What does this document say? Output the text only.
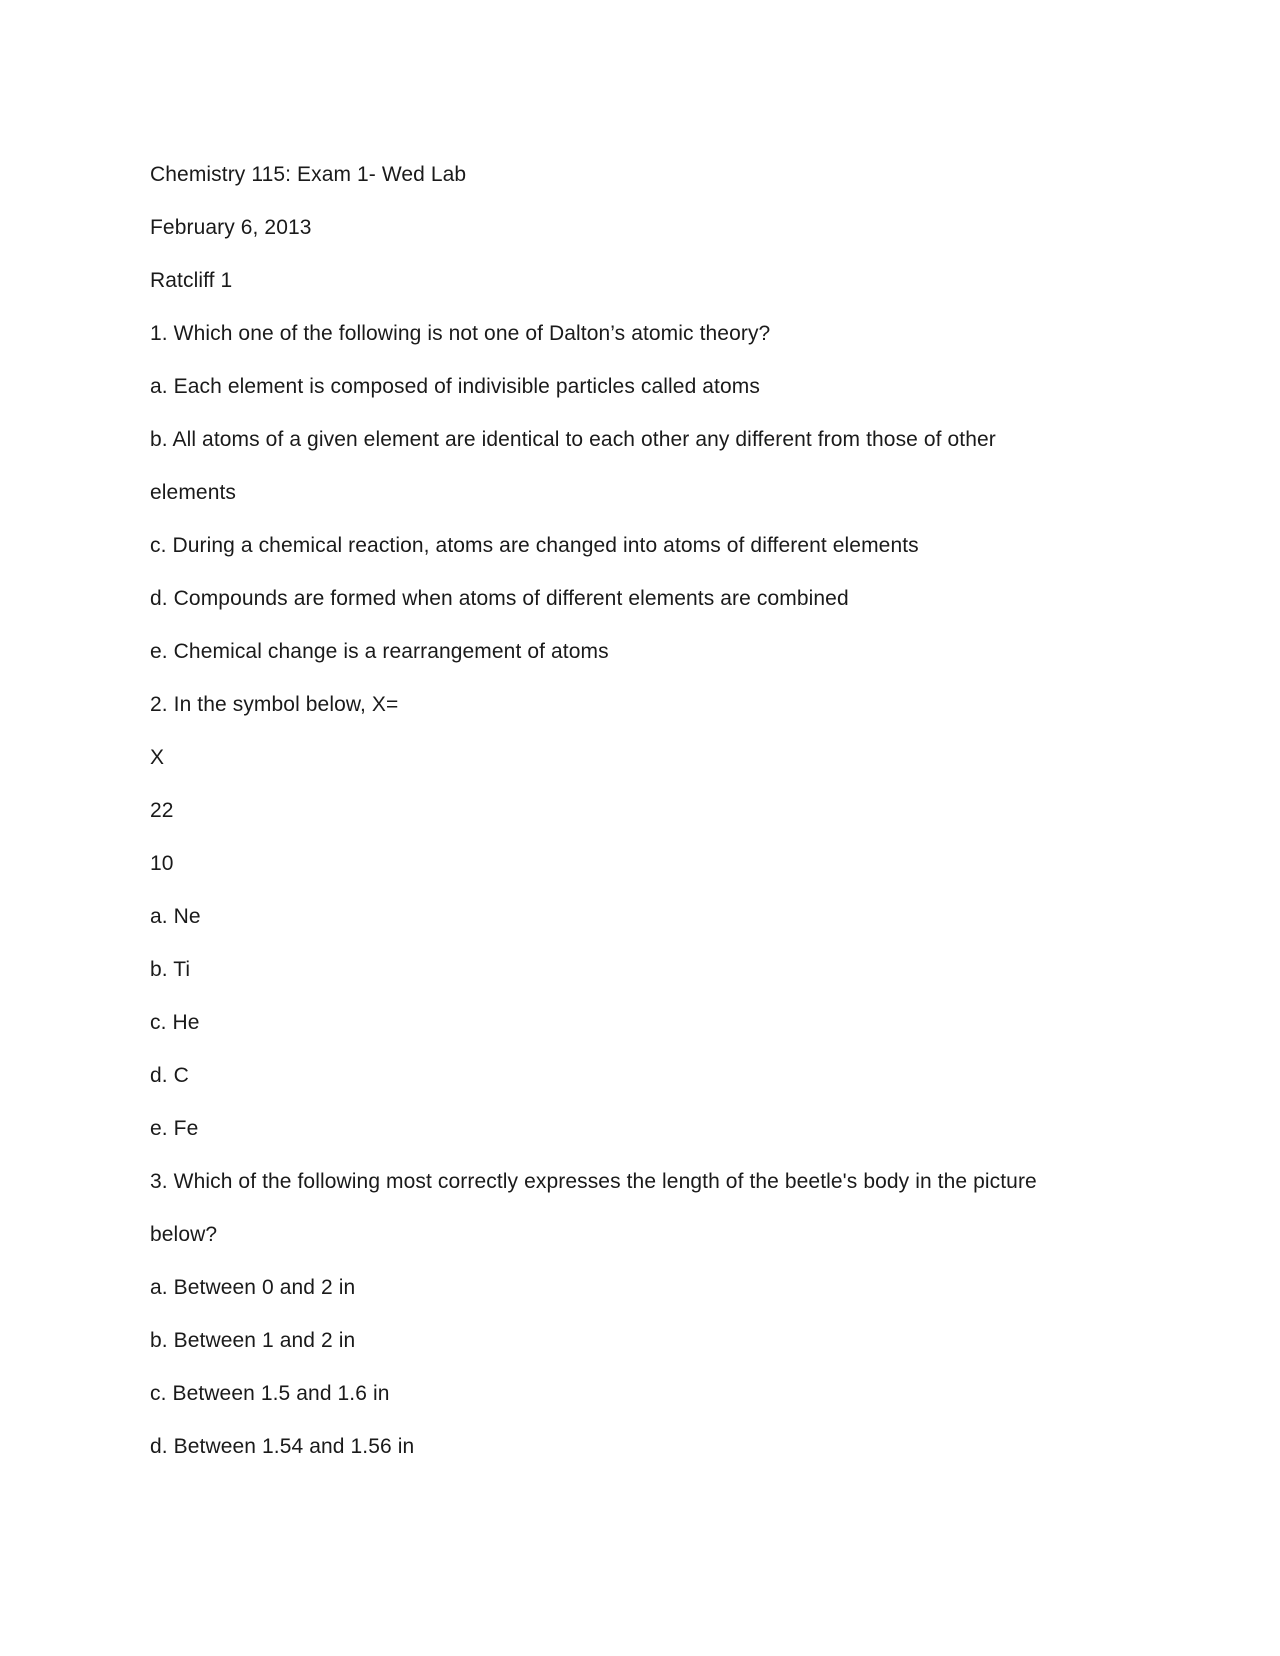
Chemistry 115: Exam 1- Wed Lab
February 6, 2013
Ratcliff 1
1. Which one of the following is not one of Dalton’s atomic theory?
a. Each element is composed of indivisible particles called atoms
b. All atoms of a given element are identical to each other any different from those of other
elements
c. During a chemical reaction, atoms are changed into atoms of different elements
d. Compounds are formed when atoms of different elements are combined
e. Chemical change is a rearrangement of atoms
2. In the symbol below, X=
X
22
10
a. Ne
b. Ti
c. He
d. C
e. Fe
3. Which of the following most correctly expresses the length of the beetle's body in the picture
below?
a. Between 0 and 2 in
b. Between 1 and 2 in
c. Between 1.5 and 1.6 in
d. Between 1.54 and 1.56 in
